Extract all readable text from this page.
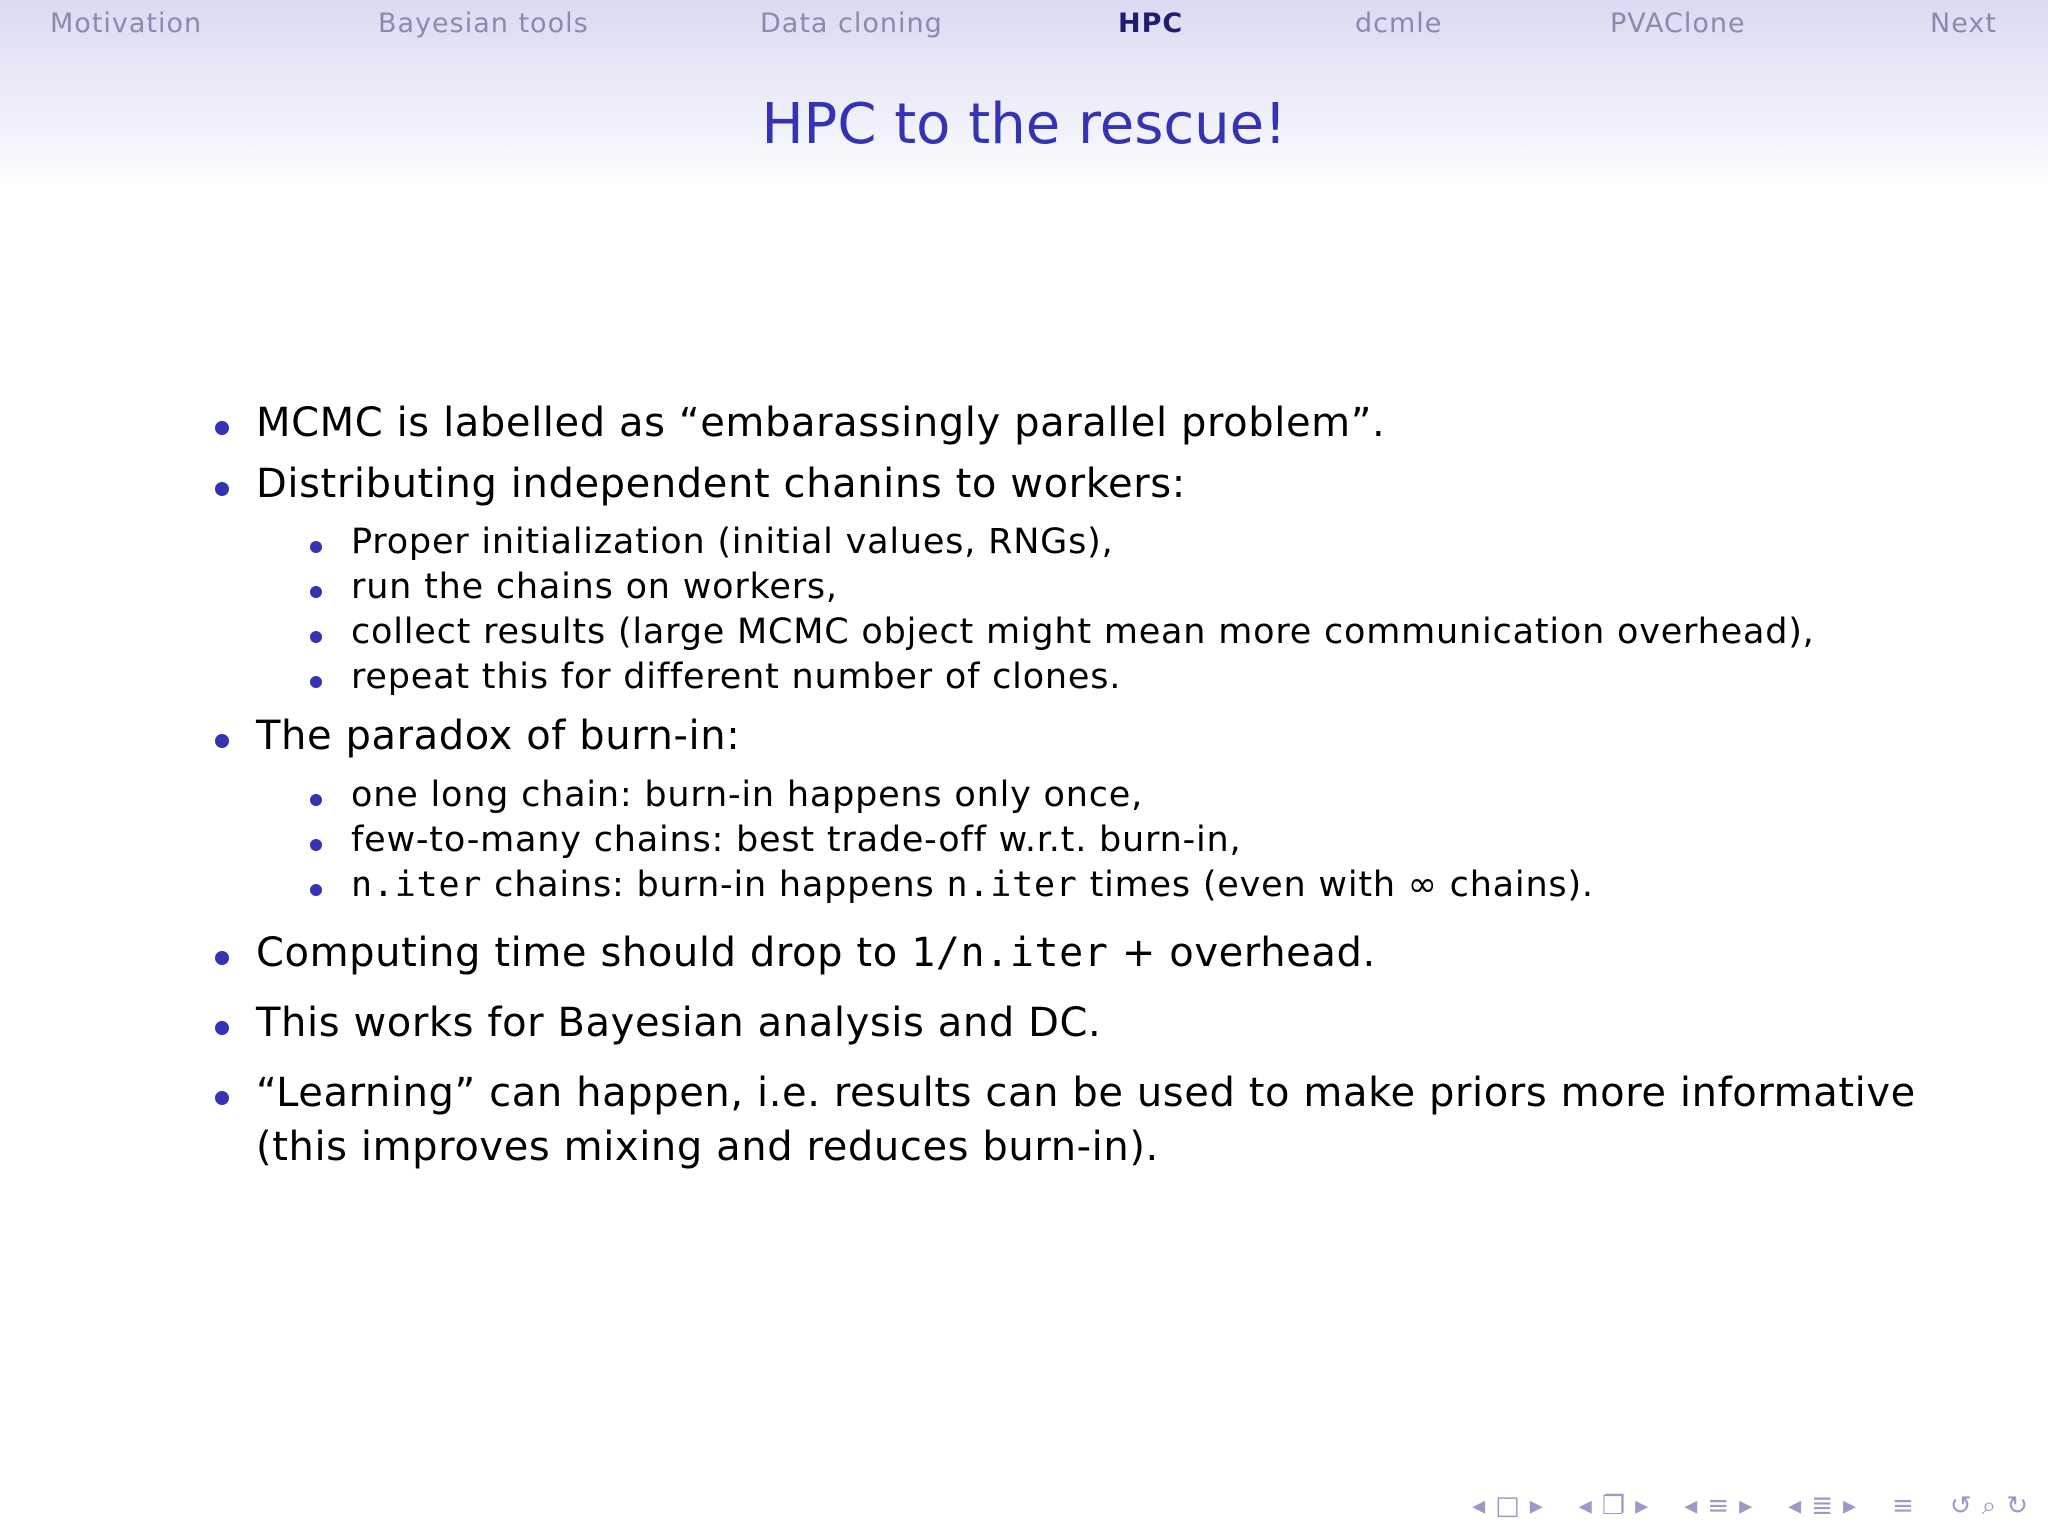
Motivation	Bayesian tools	Data cloning	HPC	dcmle	PVAClone	Next
HPC to the rescue!
MCMC is labelled as “embarassingly parallel problem”.
Distributing independent chanins to workers:
Proper initialization (initial values, RNGs),
run the chains on workers,
collect results (large MCMC object might mean more communication overhead),
repeat this for different number of clones.
The paradox of burn-in:
one long chain: burn-in happens only once,
few-to-many chains: best trade-off w.r.t. burn-in,
n.iter chains: burn-in happens n.iter times (even with ∞ chains).
Computing time should drop to 1/n.iter + overhead.
This works for Bayesian analysis and DC.
“Learning” can happen, i.e. results can be used to make priors more informative
(this improves mixing and reduces burn-in).
◂ □ ▸ ◂ ❐ ▸ ◂ ≡ ▸ ◂ ≣ ▸ ≡ ↺ ⌕ ↻
